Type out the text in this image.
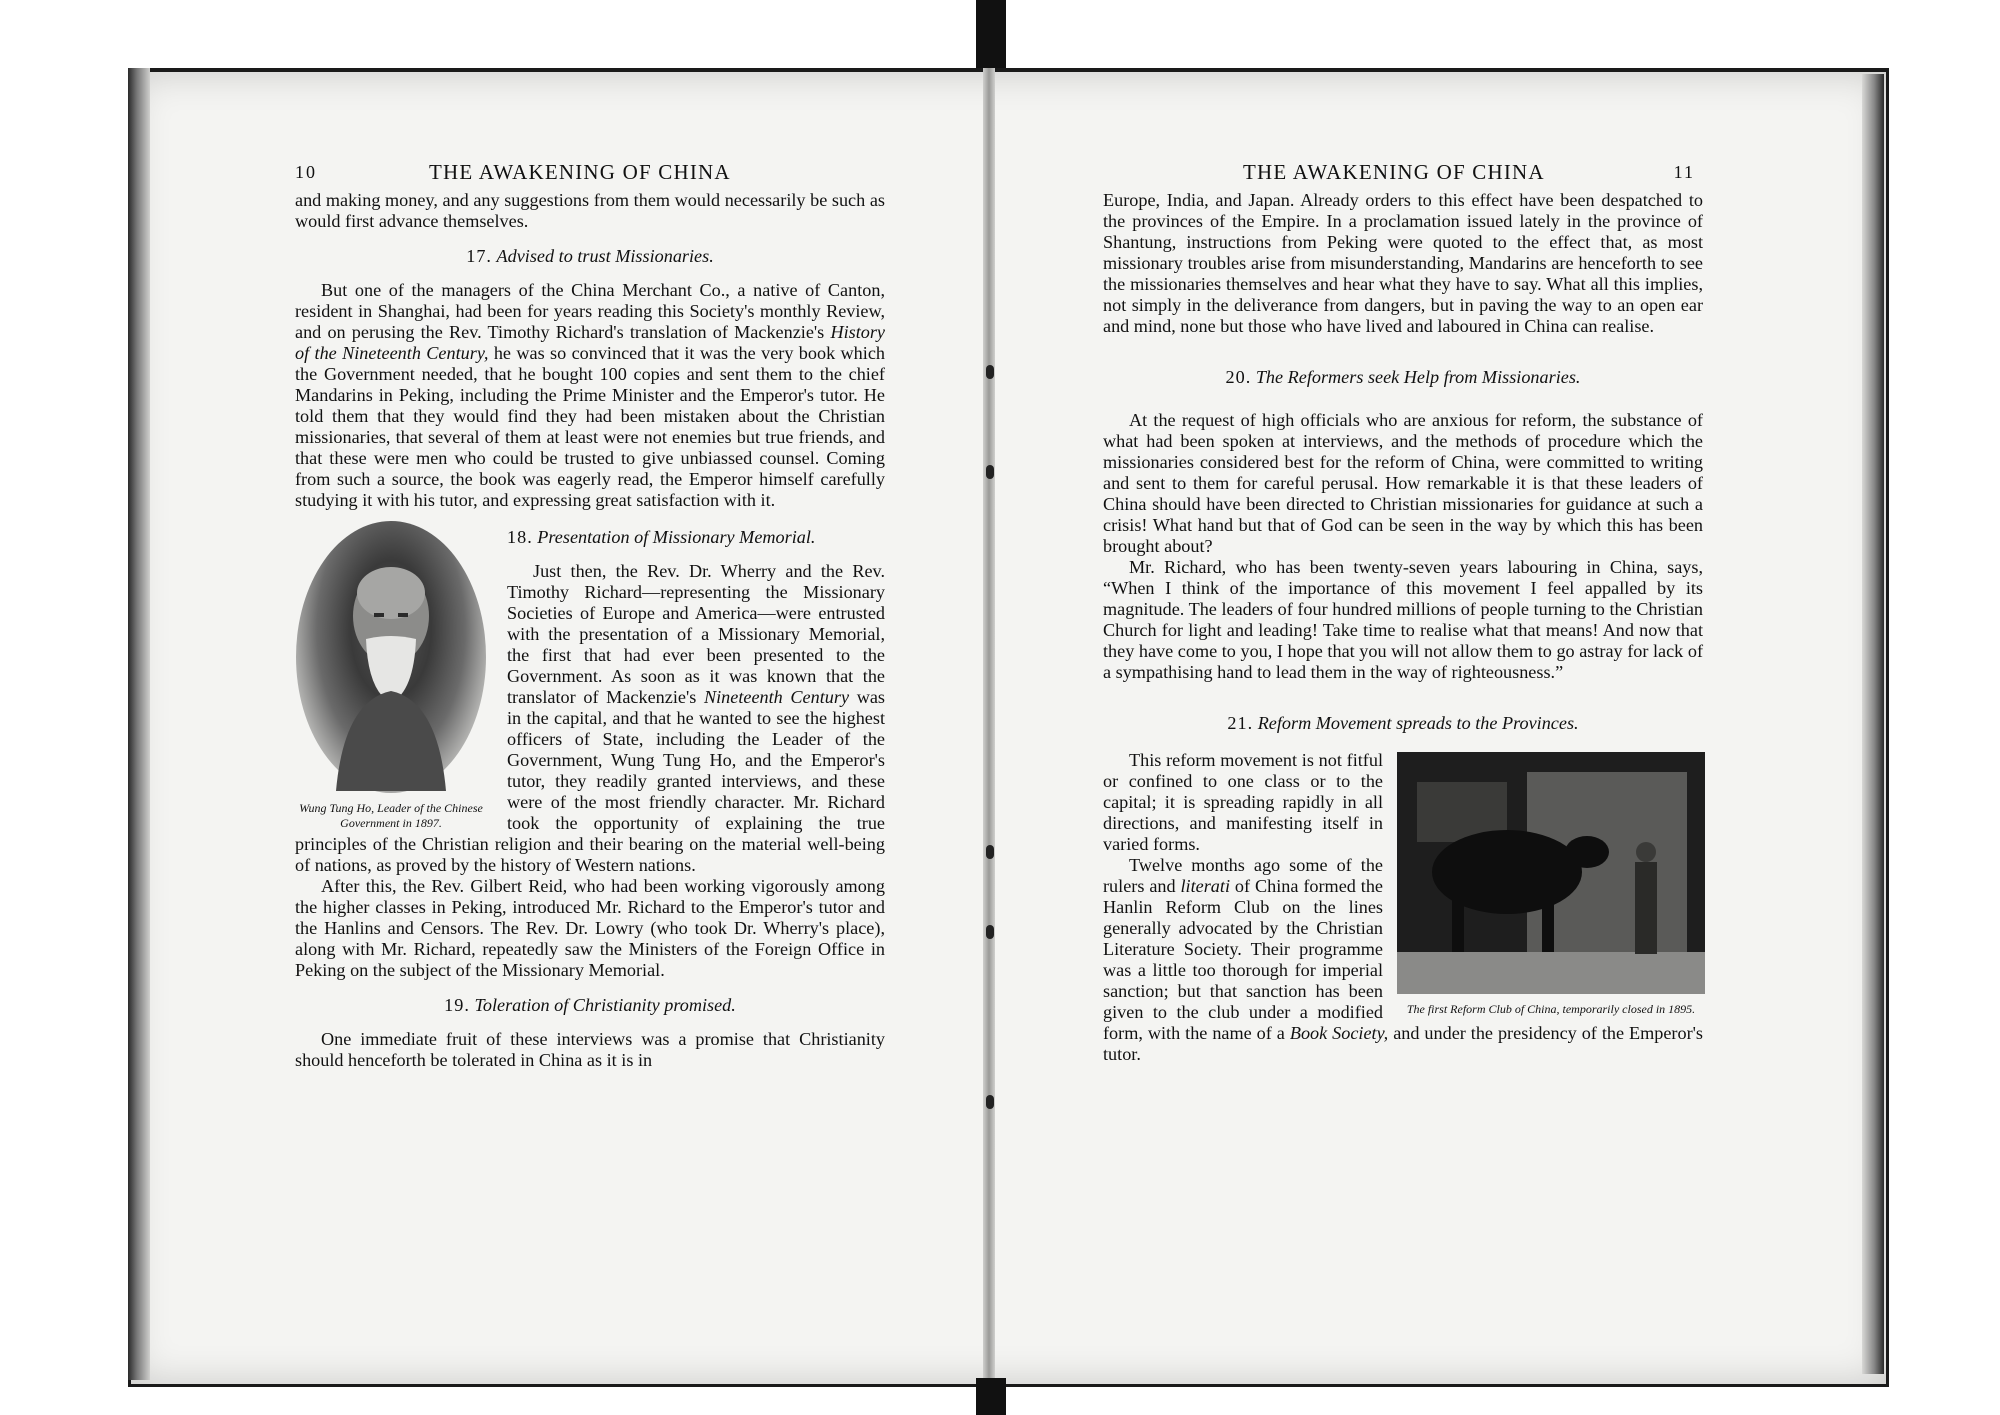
10	THE AWAKENING OF CHINA

and making money, and any suggestions from them would necessarily be such as would first advance themselves.

17. Advised to trust Missionaries.

But one of the managers of the China Merchant Co., a native of Canton, resident in Shanghai, had been for years reading this Society's monthly Review, and on perusing the Rev. Timothy Richard's translation of Mackenzie's History of the Nineteenth Century, he was so convinced that it was the very book which the Government needed, that he bought 100 copies and sent them to the chief Mandarins in Peking, including the Prime Minister and the Emperor's tutor. He told them that they would find they had been mistaken about the Christian missionaries, that several of them at least were not enemies but true friends, and that these were men who could be trusted to give unbiassed counsel. Coming from such a source, the book was eagerly read, the Emperor himself carefully studying it with his tutor, and expressing great satisfaction with it.

Wung Tung Ho, Leader of the Chinese Government in 1897.
18. Presentation of Missionary Memorial.

Just then, the Rev. Dr. Wherry and the Rev. Timothy Richard—representing the Missionary Societies of Europe and America—were entrusted with the presentation of a Missionary Memorial, the first that had ever been presented to the Government. As soon as it was known that the translator of Mackenzie's Nineteenth Century was in the capital, and that he wanted to see the highest officers of State, including the Leader of the Government, Wung Tung Ho, and the Emperor's tutor, they readily granted interviews, and these were of the most friendly character. Mr. Richard took the opportunity of explaining the true principles of the Christian religion and their bearing on the material well-being of nations, as proved by the history of Western nations.

After this, the Rev. Gilbert Reid, who had been working vigorously among the higher classes in Peking, introduced Mr. Richard to the Emperor's tutor and the Hanlins and Censors. The Rev. Dr. Lowry (who took Dr. Wherry's place), along with Mr. Richard, repeatedly saw the Ministers of the Foreign Office in Peking on the subject of the Missionary Memorial.

19. Toleration of Christianity promised.

One immediate fruit of these interviews was a promise that Christianity should henceforth be tolerated in China as it is in

THE AWAKENING OF CHINA	11

Europe, India, and Japan. Already orders to this effect have been despatched to the provinces of the Empire. In a proclamation issued lately in the province of Shantung, instructions from Peking were quoted to the effect that, as most missionary troubles arise from misunderstanding, Mandarins are henceforth to see the missionaries themselves and hear what they have to say. What all this implies, not simply in the deliverance from dangers, but in paving the way to an open ear and mind, none but those who have lived and laboured in China can realise.

20. The Reformers seek Help from Missionaries.

At the request of high officials who are anxious for reform, the substance of what had been spoken at interviews, and the methods of procedure which the missionaries considered best for the reform of China, were committed to writing and sent to them for careful perusal. How remarkable it is that these leaders of China should have been directed to Christian missionaries for guidance at such a crisis! What hand but that of God can be seen in the way by which this has been brought about?

Mr. Richard, who has been twenty-seven years labouring in China, says, “When I think of the importance of this movement I feel appalled by its magnitude. The leaders of four hundred millions of people turning to the Christian Church for light and leading! Take time to realise what that means! And now that they have come to you, I hope that you will not allow them to go astray for lack of a sympathising hand to lead them in the way of righteousness.”

21. Reform Movement spreads to the Provinces.
The first Reform Club of China, temporarily closed in 1895.

This reform movement is not fitful or confined to one class or to the capital; it is spreading rapidly in all directions, and manifesting itself in varied forms.

Twelve months ago some of the rulers and literati of China formed the Hanlin Reform Club on the lines generally advocated by the Christian Literature Society. Their programme was a little too thorough for imperial sanction; but that sanction has been given to the club under a modified form, with the name of a Book Society, and under the presidency of the Emperor's tutor.
